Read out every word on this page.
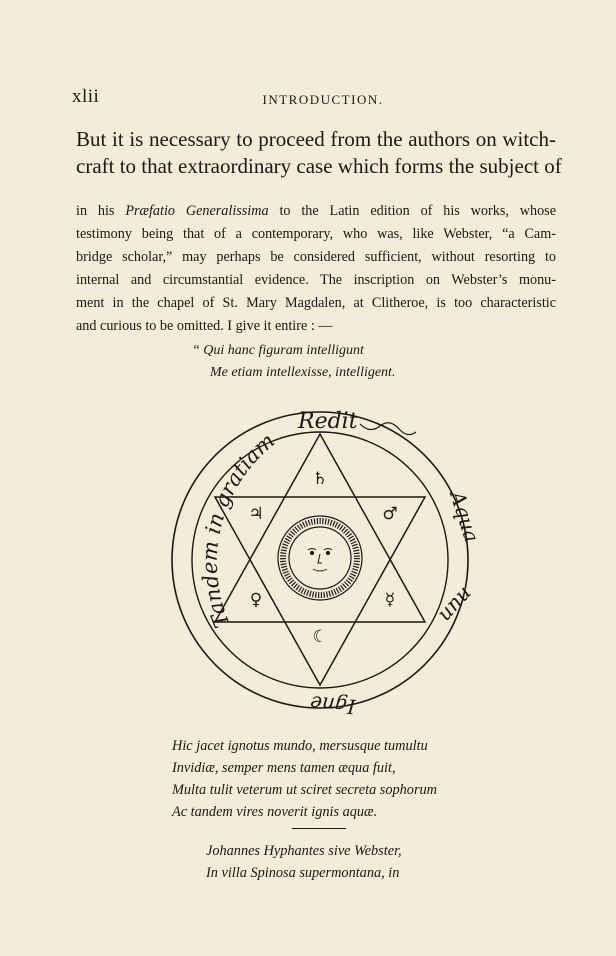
xlii	INTRODUCTION.
But it is necessary to proceed from the authors on witch-
craft to that extraordinary case which forms the subject of
in his Præfatio Generalissima to the Latin edition of his works, whose
testimony being that of a contemporary, who was, like Webster, “a Cam-
bridge scholar,” may perhaps be considered sufficient, without resorting to
internal and circumstantial evidence. The inscription on Webster’s monu-
ment in the chapel of St. Mary Magdalen, at Clitheroe, is too characteristic
and curious to be omitted. I give it entire : —
“ Qui hanc figuram intelligunt
Me etiam intellexisse, intelligent.
♄
♃	♂
♀	☿
☾
Redit
Aqua
unu
Igne
Tandem in gratiam
Hic jacet ignotus mundo, mersusque tumultu
Invidiæ, semper mens tamen æqua fuit,
Multa tulit veterum ut sciret secreta sophorum
Ac tandem vires noverit ignis aquæ.
Johannes Hyphantes sive Webster,
In villa Spinosa supermontana, in
